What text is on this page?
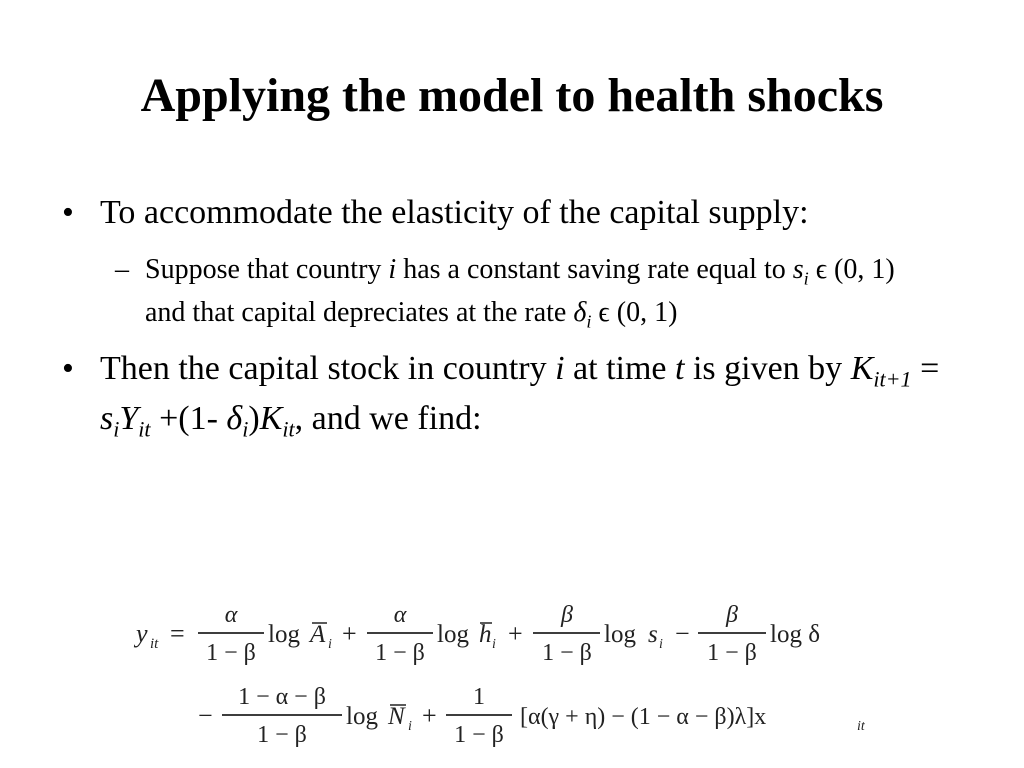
Applying the model to health shocks

• To accommodate the elasticity of the capital supply:

– Suppose that country i has a constant saving rate equal to $s_i$ ϵ (0, 1) and that capital depreciates at the rate $\delta_i$ ϵ (0, 1)

• Then the capital stock in country i at time t is given by $K_{it+1} = s_iY_{it} +(1-$ $\delta_i)K_{it}$, and we find:

y it =
α
1 − β
log A i +
α
1 − β
log h i +
β
1 − β
log s i −
β
1 − β
log δ
−
1 − α − β
1 − β
log N i +
1
1 − β
[α(γ + η) − (1 − α − β)λ]x	it
